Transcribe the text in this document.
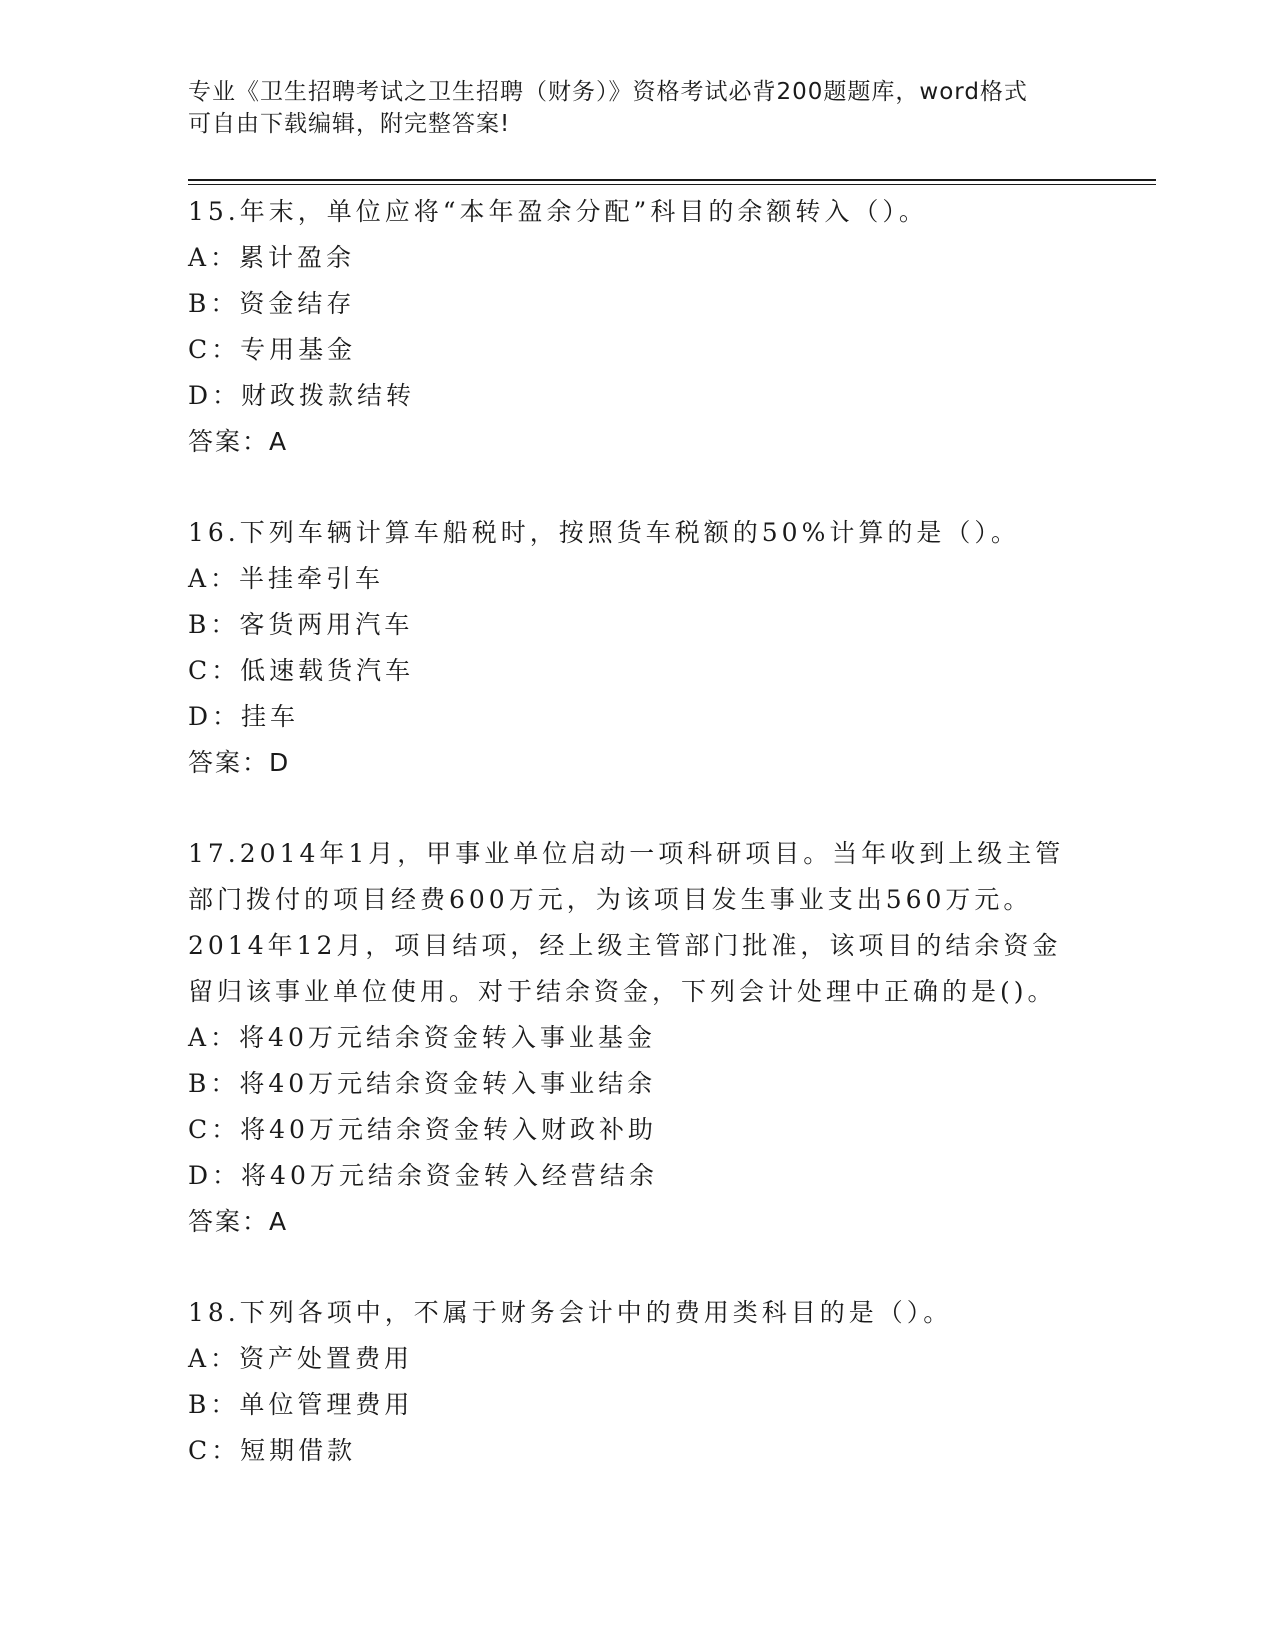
专业《卫生招聘考试之卫生招聘（财务）》资格考试必背200题题库，word格式
可自由下载编辑，附完整答案!

15.年末，单位应将“本年盈余分配”科目的余额转入（）。

A：累计盈余
B：资金结存
C：专用基金
D：财政拨款结转
答案：A

16.下列车辆计算车船税时，按照货车税额的50%计算的是（）。

A：半挂牵引车
B：客货两用汽车
C：低速载货汽车
D：挂车
答案：D

17.2014年1月，甲事业单位启动一项科研项目。当年收到上级主管部门拨付的项目经费600万元，为该项目发生事业支出560万元。2014年12月，项目结项，经上级主管部门批准，该项目的结余资金留归该事业单位使用。对于结余资金，下列会计处理中正确的是()。

A：将40万元结余资金转入事业基金
B：将40万元结余资金转入事业结余
C：将40万元结余资金转入财政补助
D：将40万元结余资金转入经营结余
答案：A

18.下列各项中，不属于财务会计中的费用类科目的是（）。

A：资产处置费用
B：单位管理费用
C：短期借款
